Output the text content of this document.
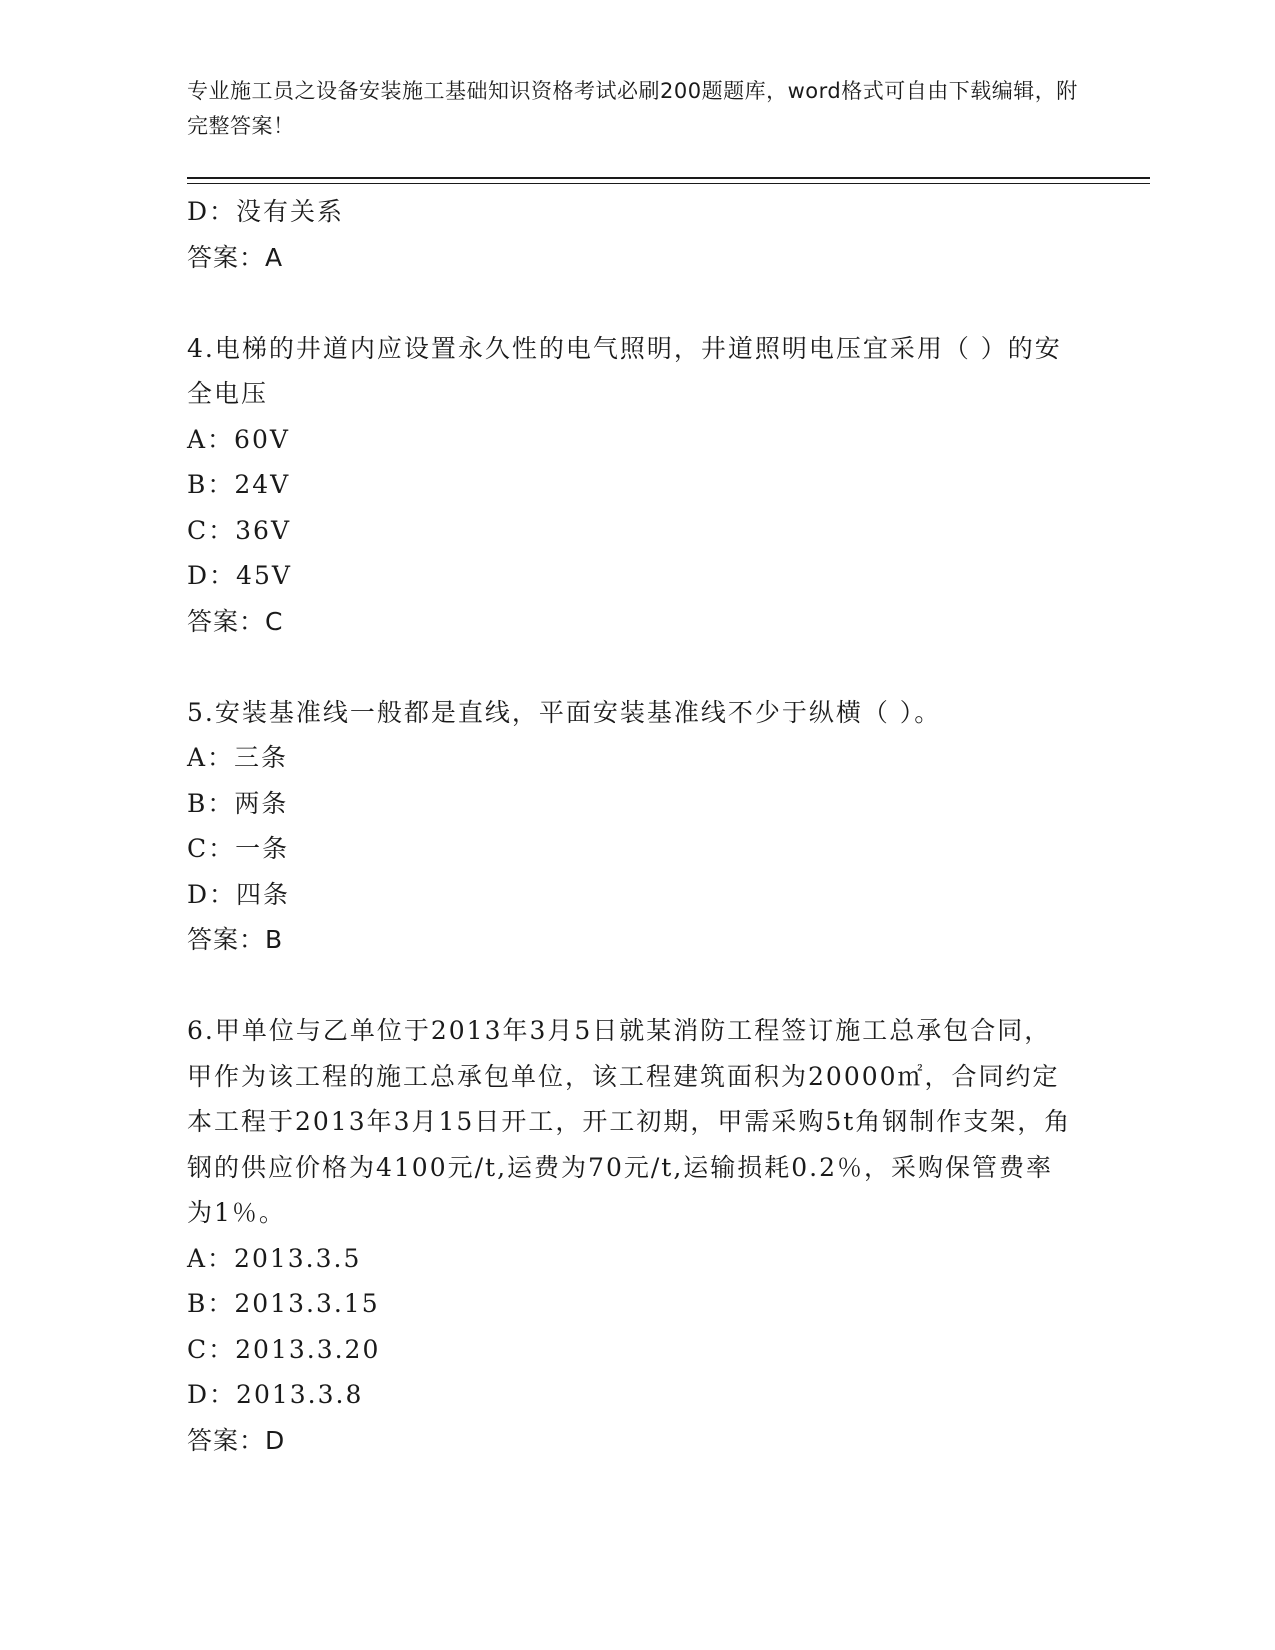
专业施工员之设备安装施工基础知识资格考试必刷200题题库，word格式可自由下载编辑，附完整答案！
D：没有关系
答案：A
4.电梯的井道内应设置永久性的电气照明，井道照明电压宜采用（ ）的安全电压
A：60V
B：24V
C：36V
D：45V
答案：C
5.安装基准线一般都是直线，平面安装基准线不少于纵横（ ）。
A：三条
B：两条
C：一条
D：四条
答案：B
6.甲单位与乙单位于2013年3月5日就某消防工程签订施工总承包合同，甲作为该工程的施工总承包单位，该工程建筑面积为20000㎡，合同约定本工程于2013年3月15日开工，开工初期，甲需采购5t角钢制作支架，角钢的供应价格为4100元/t,运费为70元/t,运输损耗0.2％，采购保管费率为1％。
A：2013.3.5
B：2013.3.15
C：2013.3.20
D：2013.3.8
答案：D
